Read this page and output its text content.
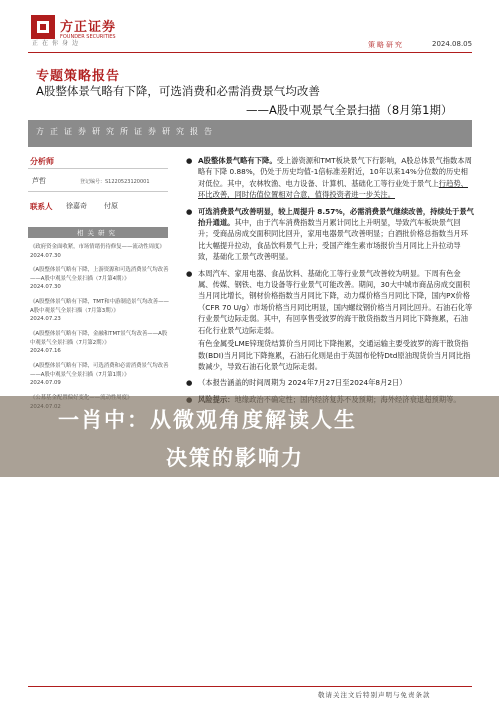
方正证券
FOUNDER SECURITIES
正在你身边	策略研究	2024.08.05
专题策略报告
A股整体景气略有下降，可选消费和必需消费景气均改善
——A股中观景气全景扫描（8月第1期）
方正证券研究所证券研究报告
分析师
芦哲	登记编号：S1220523120001
联系人 徐嘉奇 付原
相关研究
《政府资金面收紧，市场情绪仍待修复——流动性周度》
2024.07.30
《A股整体景气略有下降，上游资源和可选消费景气均改善——A股中观景气全景扫描（7月第4期）》
2024.07.30
《A股整体景气略有下降，TMT和中游制造景气均改善——A股中观景气全景扫描（7月第3期）》
2024.07.23
《A股整体景气略有下降，金融和TMT景气均改善——A股中观景气全景扫描（7月第2期）》
2024.07.16
《A股整体景气略有下降，可选消费和必需消费景气均改善——A股中观景气全景扫描（7月第1期）》
2024.07.09
● A股整体景气略有下降。受上游资源和TMT板块景气下行影响，A股总体景气指数本周略有下降 0.88%，仍处于历史均值-1倍标准差附近，10年以来14%分位数的历史相对低位。其中，农林牧渔、电力设备、计算机、基础化工等行业处于景气上行趋势、环比改善，同时估值位置相对合意，值得投资者进一步关注。
● 可选消费景气改善明显，较上周提升 8.57%，必需消费景气继续改善，持续处于景气抬升通道。其中，由于汽车消费指数当月累计同比上升明显，导致汽车板块景气回升；受商品房成交面积同比回升，家用电器景气改善明显；白酒批价格总指数当月环比大幅提升拉动，食品饮料景气上升；受国产维生素市场报价当月同比上升拉动导致，基础化工景气改善明显。
● 本周汽车、家用电器、食品饮料、基础化工等行业景气改善较为明显。下周有色金属、传媒、钢铁、电力设备等行业景气可能改善。期间，30大中城市商品房成交面积当月同比增长，钢材价格指数当月同比下降，动力煤价格当月同比下降，国内PX价格（CFR 70 U/g）市场价格当月同比明显，国内螺纹钢价格当月同比回升。石油石化等行业景气边际走弱。其中，有回享售受波罗的海干散货指数当月同比下降拖累，石油石化行业景气边际走弱。
有色金属受LME锌现货结算价当月同比下降拖累，交通运输主要受波罗的海干散货指数(BDI)当月同比下降拖累，石油石化则是由于英国布伦特Dtd原油现货价当月同比指数减少，导致石油石化景气边际走弱。
● （本报告涵盖的时间周期为 2024年7月27日至2024年8月2日）
敬请关注文后特别声明与免责条款
一肖中：从微观角度解读人生
决策的影响力
